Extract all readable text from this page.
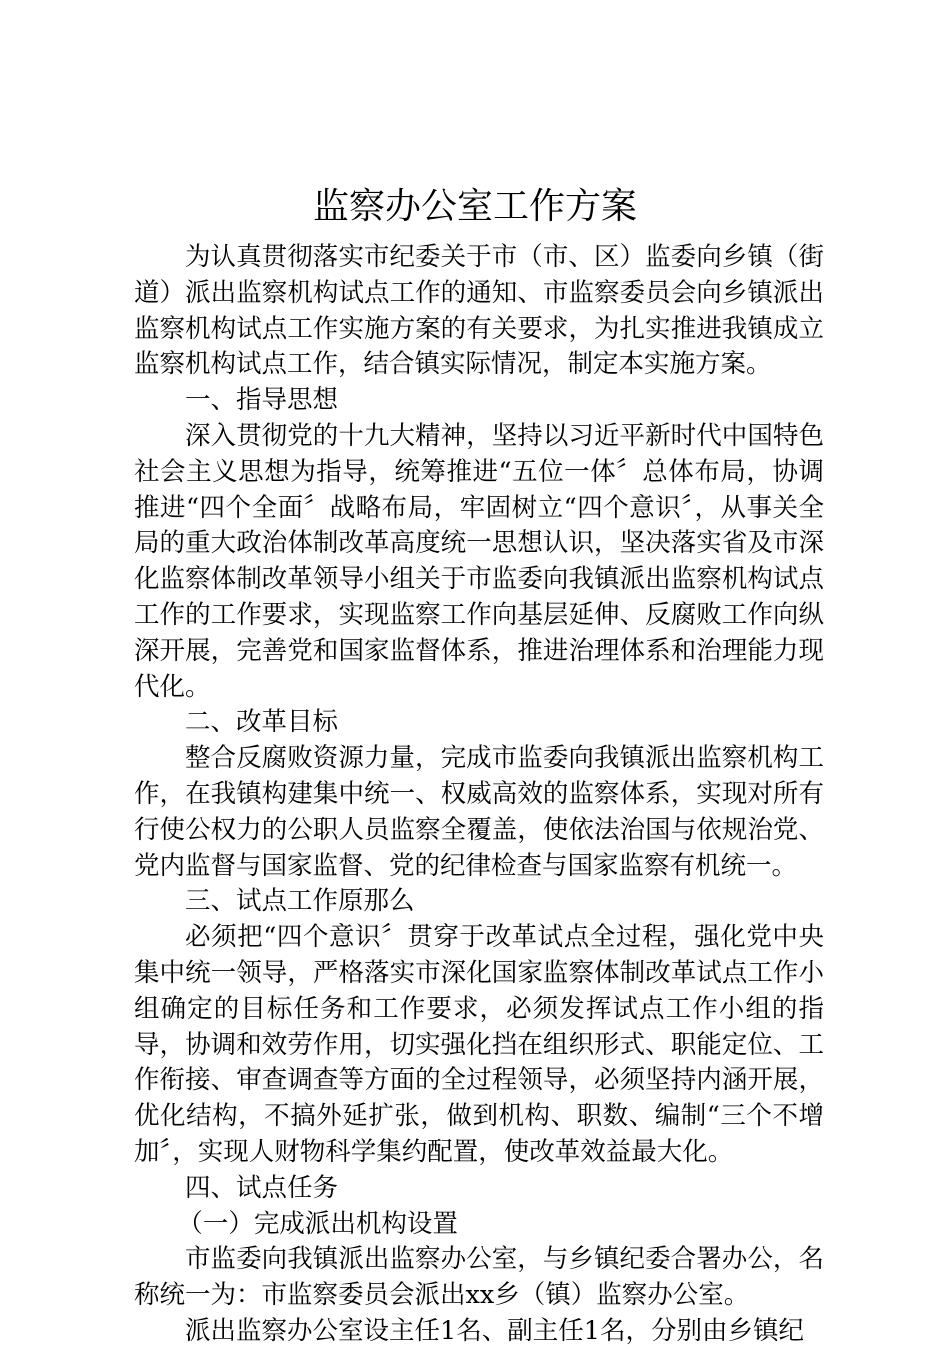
监察办公室工作方案

为认真贯彻落实市纪委关于市（市、区）监委向乡镇（街道）派出监察机构试点工作的通知、市监察委员会向乡镇派出监察机构试点工作实施方案的有关要求，为扎实推进我镇成立监察机构试点工作，结合镇实际情况，制定本实施方案。

一、指导思想

深入贯彻党的十九大精神，坚持以习近平新时代中国特色社会主义思想为指导，统筹推进“五位一体〞总体布局，协调推进“四个全面〞战略布局，牢固树立“四个意识〞，从事关全局的重大政治体制改革高度统一思想认识，坚决落实省及市深化监察体制改革领导小组关于市监委向我镇派出监察机构试点工作的工作要求，实现监察工作向基层延伸、反腐败工作向纵深开展，完善党和国家监督体系，推进治理体系和治理能力现代化。

二、改革目标

整合反腐败资源力量，完成市监委向我镇派出监察机构工作，在我镇构建集中统一、权威高效的监察体系，实现对所有行使公权力的公职人员监察全覆盖，使依法治国与依规治党、党内监督与国家监督、党的纪律检查与国家监察有机统一。

三、试点工作原那么

必须把“四个意识〞贯穿于改革试点全过程，强化党中央集中统一领导，严格落实市深化国家监察体制改革试点工作小组确定的目标任务和工作要求，必须发挥试点工作小组的指导，协调和效劳作用，切实强化挡在组织形式、职能定位、工作衔接、审查调查等方面的全过程领导，必须坚持内涵开展，优化结构，不搞外延扩张，做到机构、职数、编制“三个不增加〞，实现人财物科学集约配置，使改革效益最大化。

四、试点任务

（一）完成派出机构设置

市监委向我镇派出监察办公室，与乡镇纪委合署办公，名称统一为：市监察委员会派出xx乡（镇）监察办公室。

派出监察办公室设主任1名、副主任1名，分别由乡镇纪
